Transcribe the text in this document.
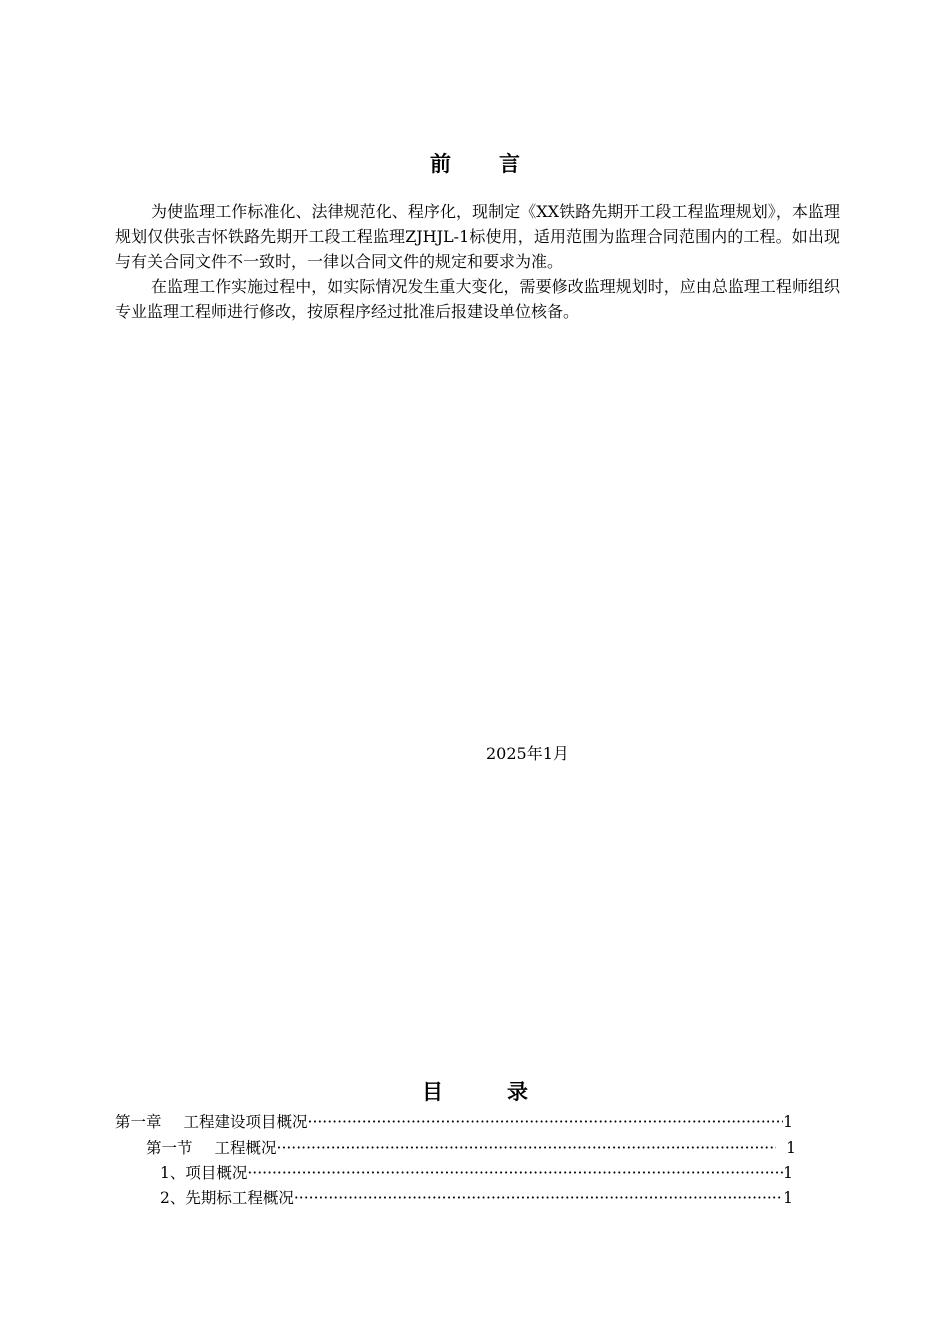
前 言

为使监理工作标准化、法律规范化、程序化，现制定《XX铁路先期开工段工程监理规划》，本监理规划仅供张吉怀铁路先期开工段工程监理ZJHJL-1标使用，适用范围为监理合同范围内的工程。如出现与有关合同文件不一致时，一律以合同文件的规定和要求为准。

在监理工作实施过程中，如实际情况发生重大变化，需要修改监理规划时，应由总监理工程师组织专业监理工程师进行修改，按原程序经过批准后报建设单位核备。

2025年1月
目	录
第一章 工程建设项目概况 ·····	1
第一节 工程概况 ·····	1
1、项目概况 ·····	1
2、先期标工程概况 ·····	1
